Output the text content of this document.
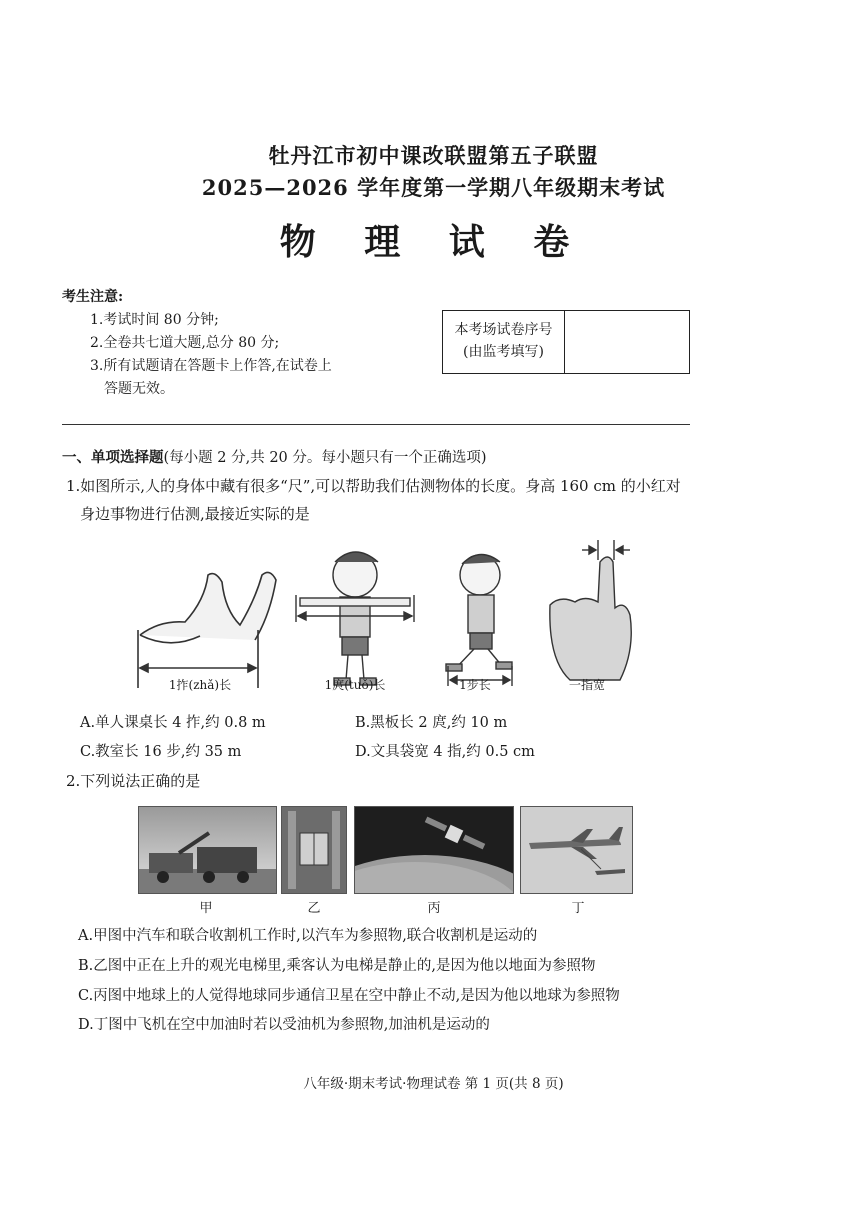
牡丹江市初中课改联盟第五子联盟
2025—2026 学年度第一学期八年级期末考试
物 理 试 卷
考生注意:
1.考试时间 80 分钟;
2.全卷共七道大题,总分 80 分;
3.所有试题请在答题卡上作答,在试卷上
答题无效。
本考场试卷序号
(由监考填写)
一、单项选择题(每小题 2 分,共 20 分。每小题只有一个正确选项)
1.如图所示,人的身体中藏有很多“尺”,可以帮助我们估测物体的长度。身高 160 cm 的小红对
身边事物进行估测,最接近实际的是
1拃(zhǎ)长	1庹(tuǒ)长	1步长	一指宽
A.单人课桌长 4 拃,约 0.8 m	B.黑板长 2 庹,约 10 m
C.教室长 16 步,约 35 m	D.文具袋宽 4 指,约 0.5 cm
2.下列说法正确的是
甲	乙	丙	丁
A.甲图中汽车和联合收割机工作时,以汽车为参照物,联合收割机是运动的
B.乙图中正在上升的观光电梯里,乘客认为电梯是静止的,是因为他以地面为参照物
C.丙图中地球上的人觉得地球同步通信卫星在空中静止不动,是因为他以地球为参照物
D.丁图中飞机在空中加油时若以受油机为参照物,加油机是运动的
八年级·期末考试·物理试卷 第 1 页(共 8 页)
